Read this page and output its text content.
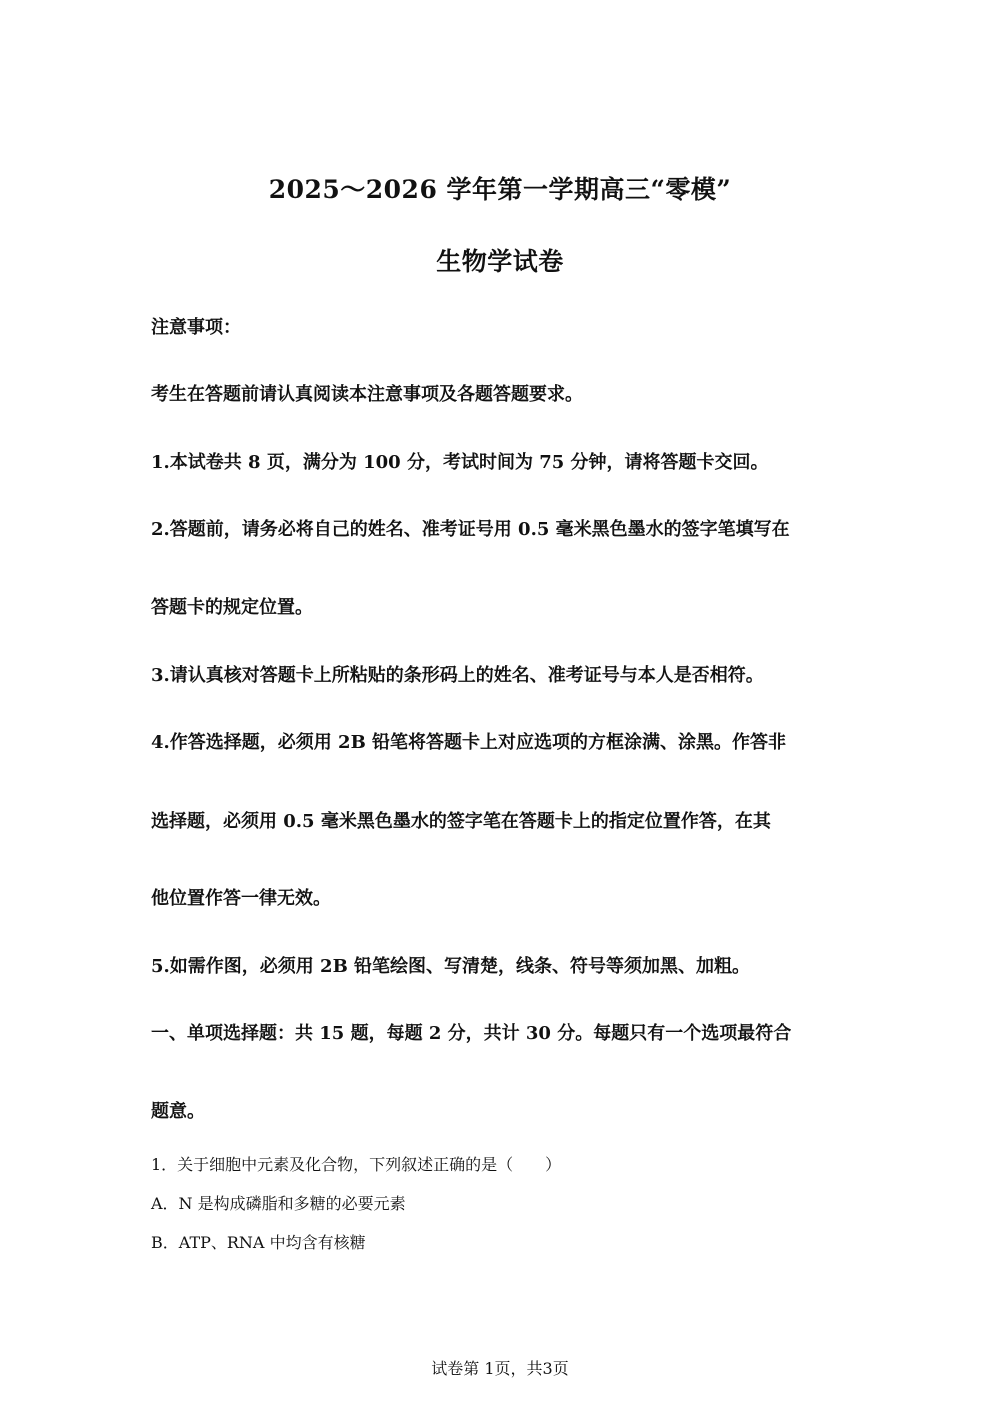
2025～2026 学年第一学期高三“零模”
生物学试卷
注意事项：
考生在答题前请认真阅读本注意事项及各题答题要求。
1.本试卷共 8 页，满分为 100 分，考试时间为 75 分钟，请将答题卡交回。
2.答题前，请务必将自己的姓名、准考证号用 0.5 毫米黑色墨水的签字笔填写在
答题卡的规定位置。
3.请认真核对答题卡上所粘贴的条形码上的姓名、准考证号与本人是否相符。
4.作答选择题，必须用 2B 铅笔将答题卡上对应选项的方框涂满、涂黑。作答非
选择题，必须用 0.5 毫米黑色墨水的签字笔在答题卡上的指定位置作答，在其
他位置作答一律无效。
5.如需作图，必须用 2B 铅笔绘图、写清楚，线条、符号等须加黑、加粗。
一、单项选择题：共 15 题，每题 2 分，共计 30 分。每题只有一个选项最符合
题意。
1．关于细胞中元素及化合物，下列叙述正确的是（　　）
A．N 是构成磷脂和多糖的必要元素
B．ATP、RNA 中均含有核糖
试卷第 1页，共3页
